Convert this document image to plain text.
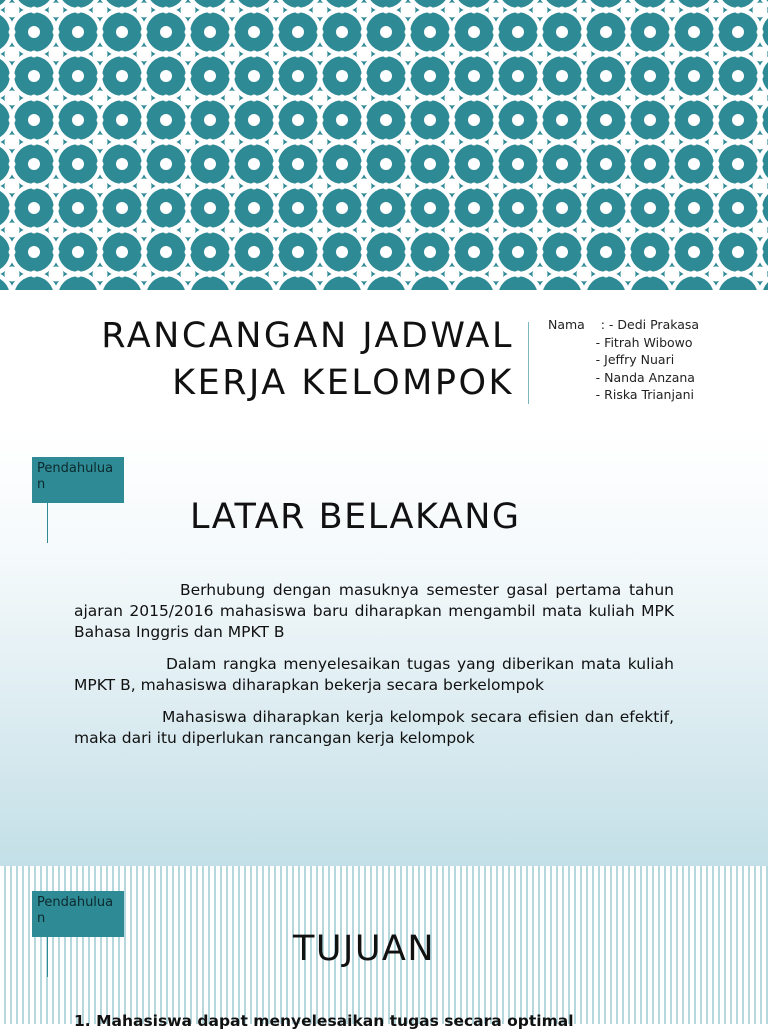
RANCANGAN JADWAL
KERJA KELOMPOK
Nama    : - Dedi Prakasa
- Fitrah Wibowo
- Jeffry Nuari
- Nanda Anzana
- Riska Trianjani
Pendahuluan
LATAR BELAKANG

Berhubung dengan masuknya semester gasal pertama tahun ajaran 2015/2016 mahasiswa baru diharapkan mengambil mata kuliah MPK Bahasa Inggris dan MPKT B

Dalam rangka menyelesaikan tugas yang diberikan mata kuliah MPKT B, mahasiswa diharapkan bekerja secara berkelompok

Mahasiswa diharapkan kerja kelompok secara efisien dan efektif, maka dari itu diperlukan rancangan kerja kelompok

Pendahuluan
TUJUAN
1. Mahasiswa dapat menyelesaikan tugas secara optimal
